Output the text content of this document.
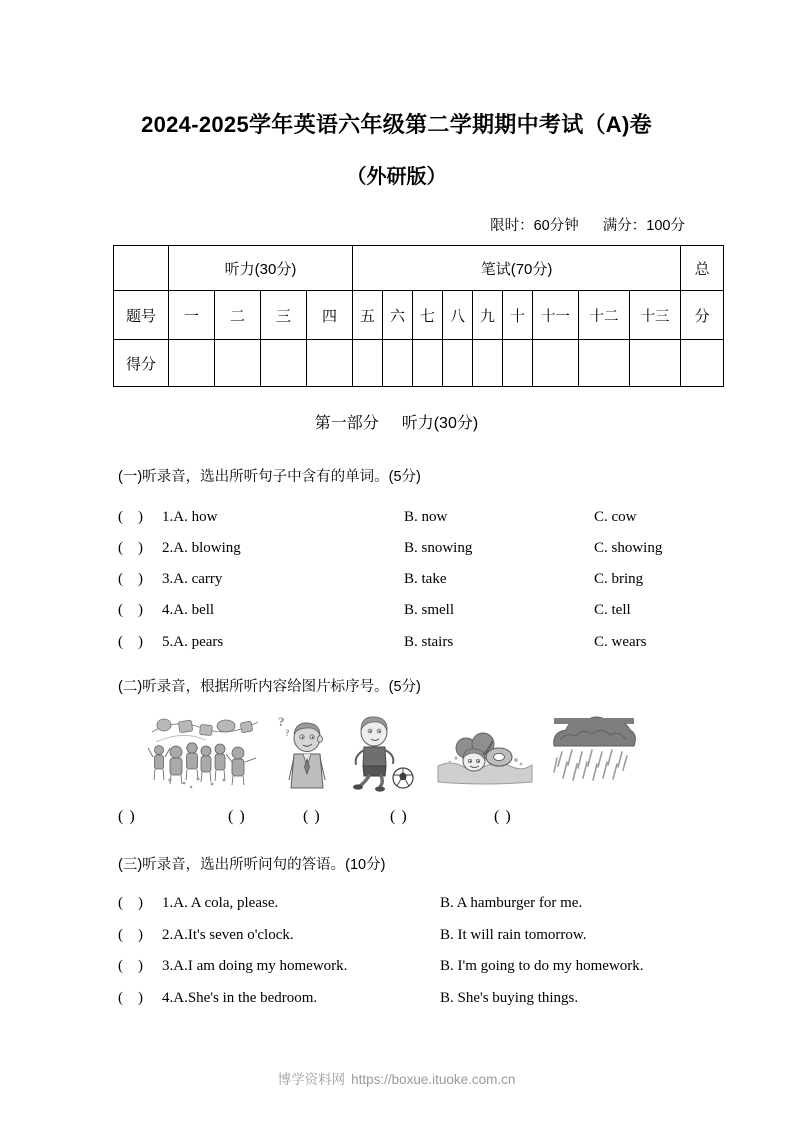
2024-2025学年英语六年级第二学期期中考试（A)卷
（外研版）
限时：60分钟 满分：100分
	听力(30分)				笔试(70分)									总
题号	一	二	三	四	五	六	七	八	九	十	十一	十二	十三	分
得分														
第一部分 听力(30分)
(一)听录音，选出所听句子中含有的单词。(5分)
(    ) 1.A. how	B. now	C. cow
(    ) 2.A. blowing	B. snowing	C. showing
(    ) 3.A. carry	B. take	C. bring
(    ) 4.A. bell	B. smell	C. tell
(    ) 5.A. pears	B. stairs	C. wears
(二)听录音，根据所听内容给图片标序号。(5分)
?
?
( )	( )	( )	( )	( )
(三)听录音，选出所听问句的答语。(10分)
(    ) 1.A. A cola, please.	B. A hamburger for me.
(    ) 2.A.It's seven o'clock.	B. It will rain tomorrow.
(    ) 3.A.I am doing my homework.	B. I'm going to do my homework.
(    ) 4.A.She's in the bedroom.	B. She's buying things.
博学资料网 https://boxue.ituoke.com.cn
